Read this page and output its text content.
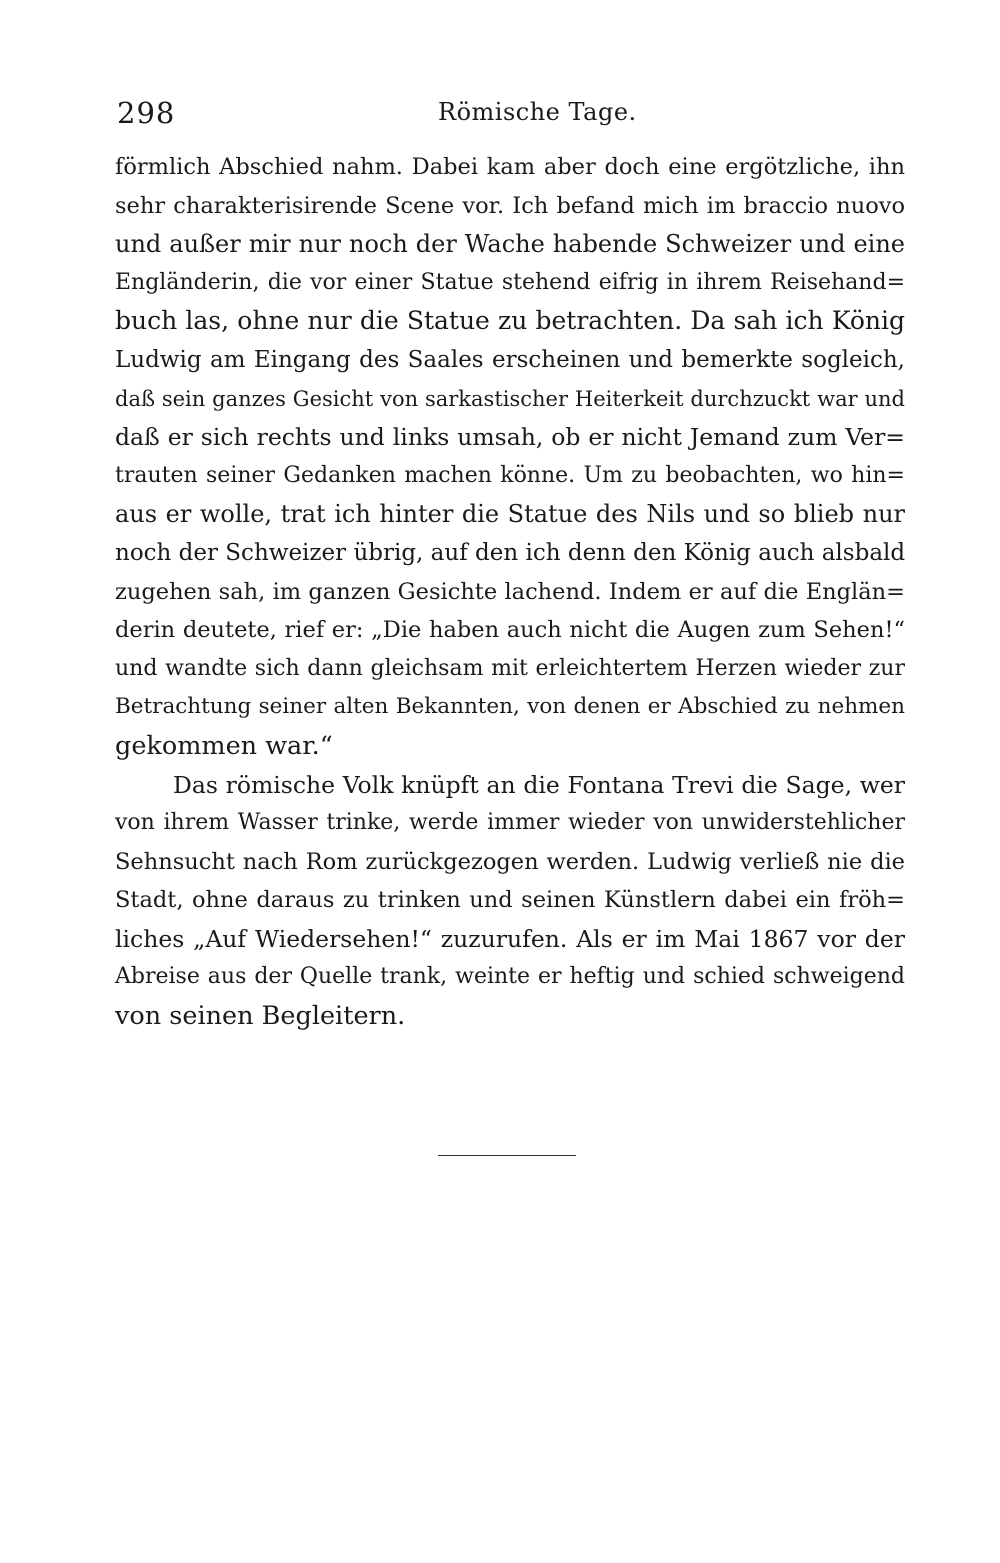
298	Römische Tage.
förmlich Abschied nahm. Dabei kam aber doch eine ergötzliche, ihn
sehr charakterisirende Scene vor. Ich befand mich im braccio nuovo
und außer mir nur noch der Wache habende Schweizer und eine
Engländerin, die vor einer Statue stehend eifrig in ihrem Reisehand=
buch las, ohne nur die Statue zu betrachten. Da sah ich König
Ludwig am Eingang des Saales erscheinen und bemerkte sogleich,
daß sein ganzes Gesicht von sarkastischer Heiterkeit durchzuckt war und
daß er sich rechts und links umsah, ob er nicht Jemand zum Ver=
trauten seiner Gedanken machen könne. Um zu beobachten, wo hin=
aus er wolle, trat ich hinter die Statue des Nils und so blieb nur
noch der Schweizer übrig, auf den ich denn den König auch alsbald
zugehen sah, im ganzen Gesichte lachend. Indem er auf die Englän=
derin deutete, rief er: „Die haben auch nicht die Augen zum Sehen!“
und wandte sich dann gleichsam mit erleichtertem Herzen wieder zur
Betrachtung seiner alten Bekannten, von denen er Abschied zu nehmen
gekommen war.“
Das römische Volk knüpft an die Fontana Trevi die Sage, wer
von ihrem Wasser trinke, werde immer wieder von unwiderstehlicher
Sehnsucht nach Rom zurückgezogen werden. Ludwig verließ nie die
Stadt, ohne daraus zu trinken und seinen Künstlern dabei ein fröh=
liches „Auf Wiedersehen!“ zuzurufen. Als er im Mai 1867 vor der
Abreise aus der Quelle trank, weinte er heftig und schied schweigend
von seinen Begleitern.
